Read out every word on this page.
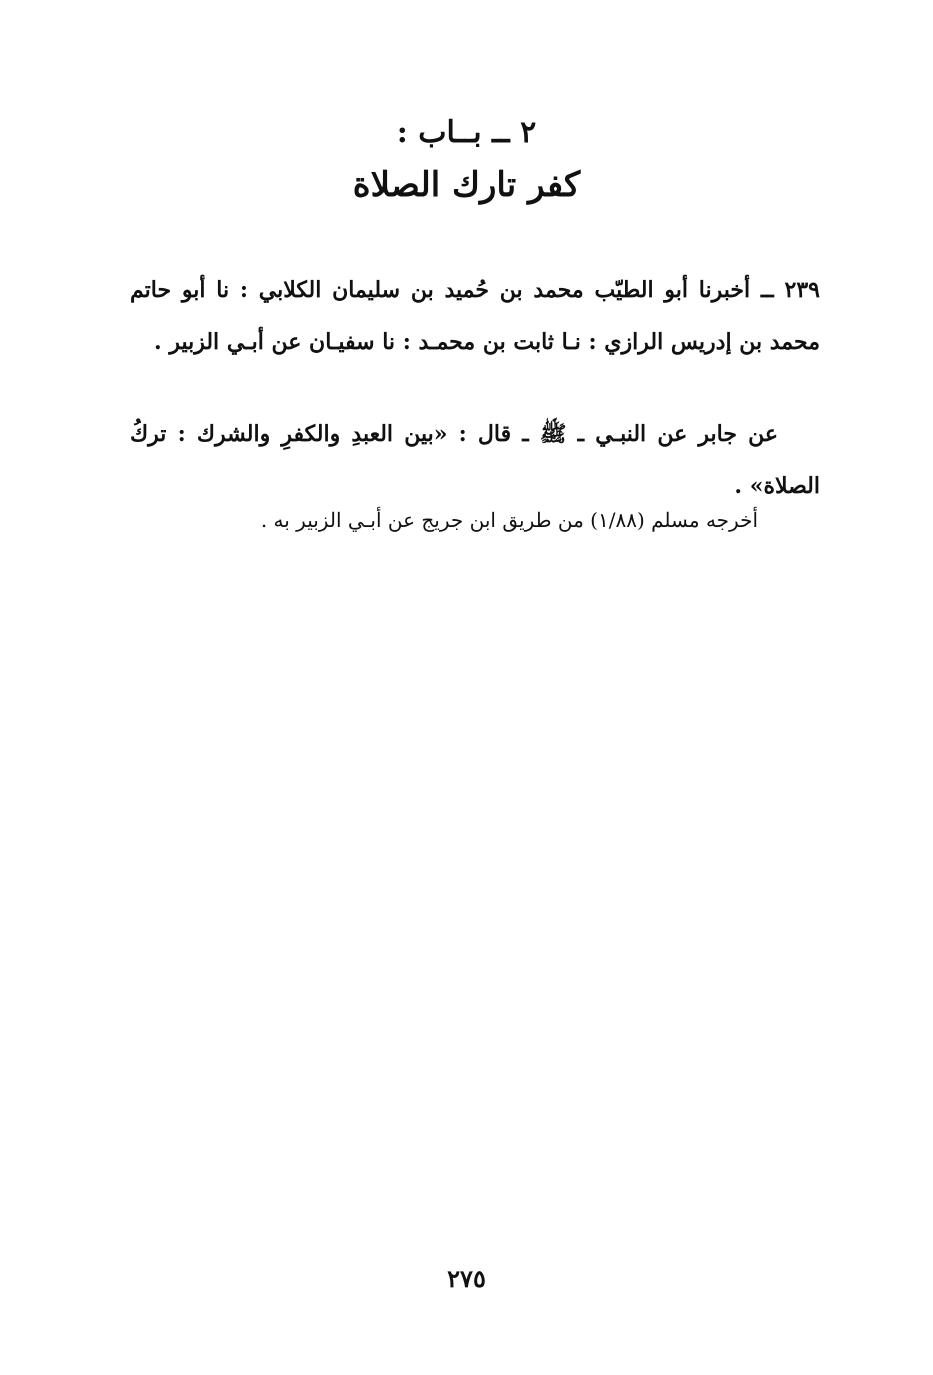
٢ ــ بــاب :
كفر تارك الصلاة

٢٣٩ ــ أخبرنا أبو الطيّب محمد بن حُميد بن سليمان الكلابي : نا أبو حاتم محمد بن إدريس الرازي : نـا ثابت بن محمـد : نا سفيـان عن أبـي الزبير .

عن جابر عن النبـي ـ ﷺ ـ قال : «بين العبدِ والكفرِ والشرك : تركُ الصلاة» .

أخرجه مسلم (١/٨٨) من طريق ابن جريج عن أبـي الزبير به .

٢٧٥
